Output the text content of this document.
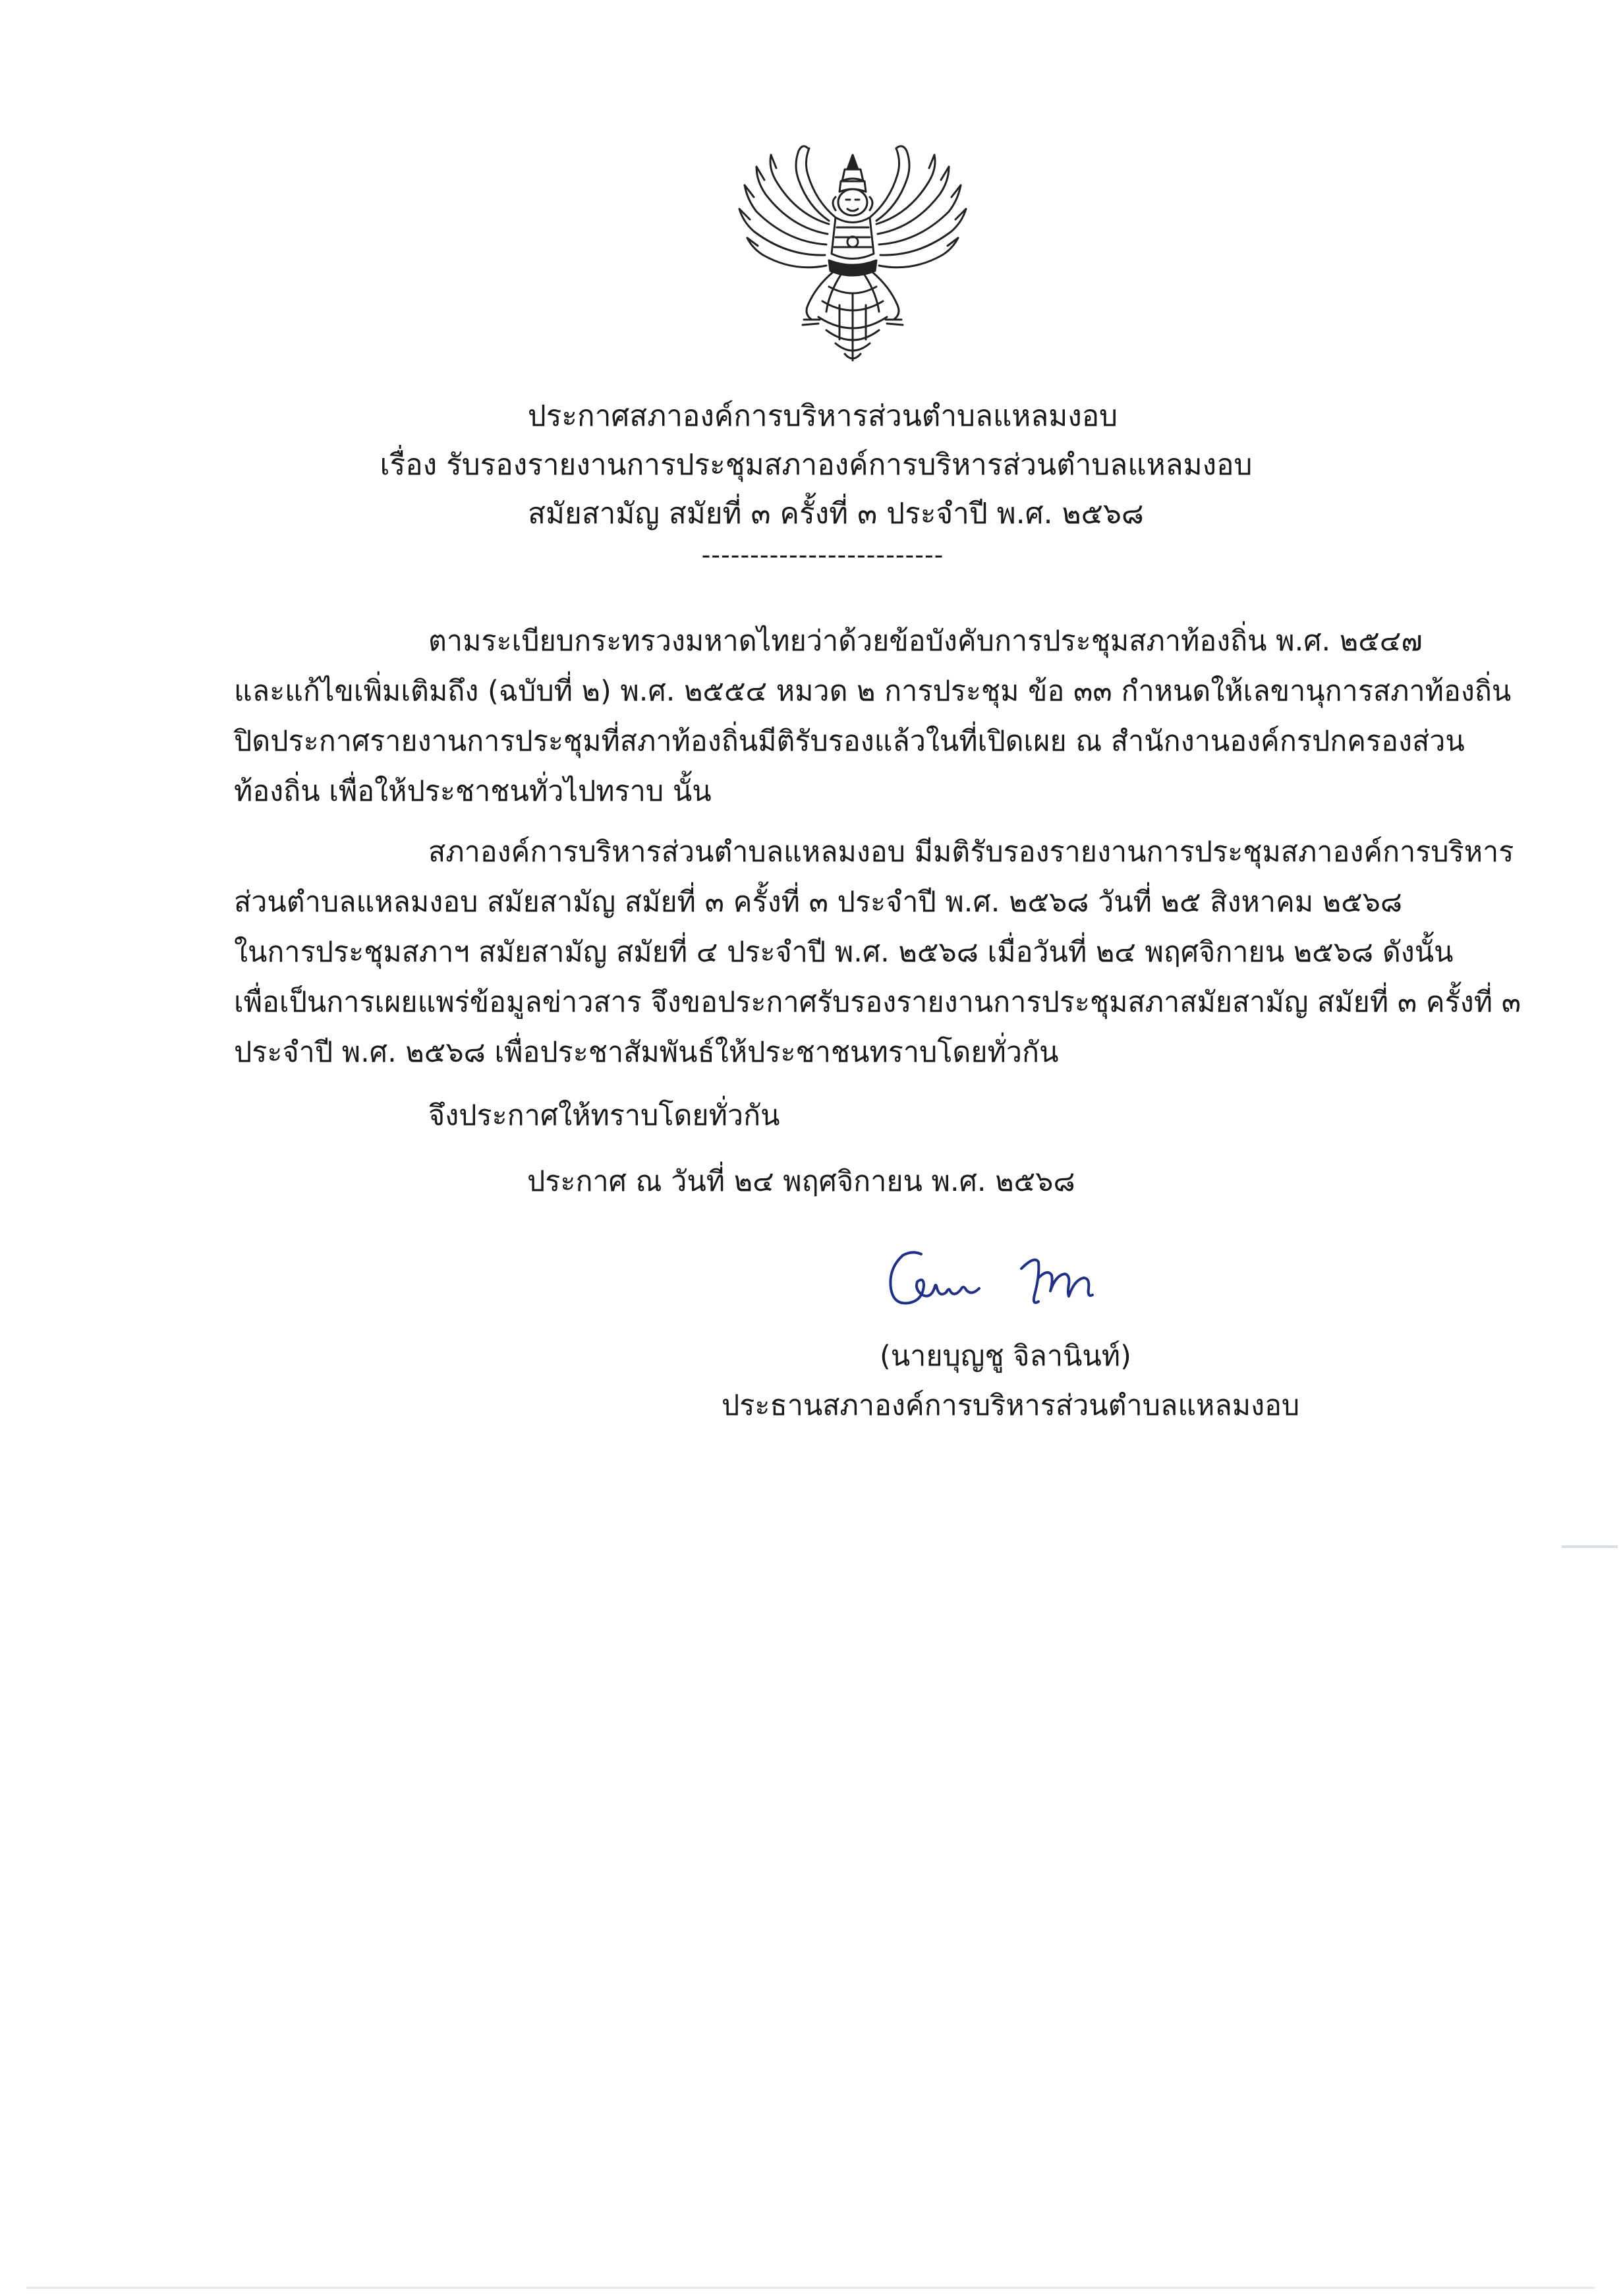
ประกาศสภาองค์การบริหารส่วนตำบลแหลมงอบ

เรื่อง รับรองรายงานการประชุมสภาองค์การบริหารส่วนตำบลแหลมงอบ

สมัยสามัญ สมัยที่ ๓ ครั้งที่ ๓ ประจำปี พ.ศ. ๒๕๖๘

-------------------------

ตามระเบียบกระทรวงมหาดไทยว่าด้วยข้อบังคับการประชุมสภาท้องถิ่น พ.ศ. ๒๕๔๗
และแก้ไขเพิ่มเติมถึง (ฉบับที่ ๒) พ.ศ. ๒๕๕๔ หมวด ๒ การประชุม ข้อ ๓๓ กำหนดให้เลขานุการสภาท้องถิ่น
ปิดประกาศรายงานการประชุมที่สภาท้องถิ่นมีติรับรองแล้วในที่เปิดเผย ณ สำนักงานองค์กรปกครองส่วน
ท้องถิ่น เพื่อให้ประชาชนทั่วไปทราบ นั้น
สภาองค์การบริหารส่วนตำบลแหลมงอบ มีมติรับรองรายงานการประชุมสภาองค์การบริหาร
ส่วนตำบลแหลมงอบ สมัยสามัญ สมัยที่ ๓ ครั้งที่ ๓ ประจำปี พ.ศ. ๒๕๖๘ วันที่ ๒๕ สิงหาคม ๒๕๖๘
ในการประชุมสภาฯ สมัยสามัญ สมัยที่ ๔ ประจำปี พ.ศ. ๒๕๖๘ เมื่อวันที่ ๒๔ พฤศจิกายน ๒๕๖๘ ดังนั้น
เพื่อเป็นการเผยแพร่ข้อมูลข่าวสาร จึงขอประกาศรับรองรายงานการประชุมสภาสมัยสามัญ สมัยที่ ๓ ครั้งที่ ๓
ประจำปี พ.ศ. ๒๕๖๘ เพื่อประชาสัมพันธ์ให้ประชาชนทราบโดยทั่วกัน

จึงประกาศให้ทราบโดยทั่วกัน

ประกาศ ณ วันที่ ๒๔ พฤศจิกายน พ.ศ. ๒๕๖๘

(นายบุญชู จิลานินท์)

ประธานสภาองค์การบริหารส่วนตำบลแหลมงอบ
